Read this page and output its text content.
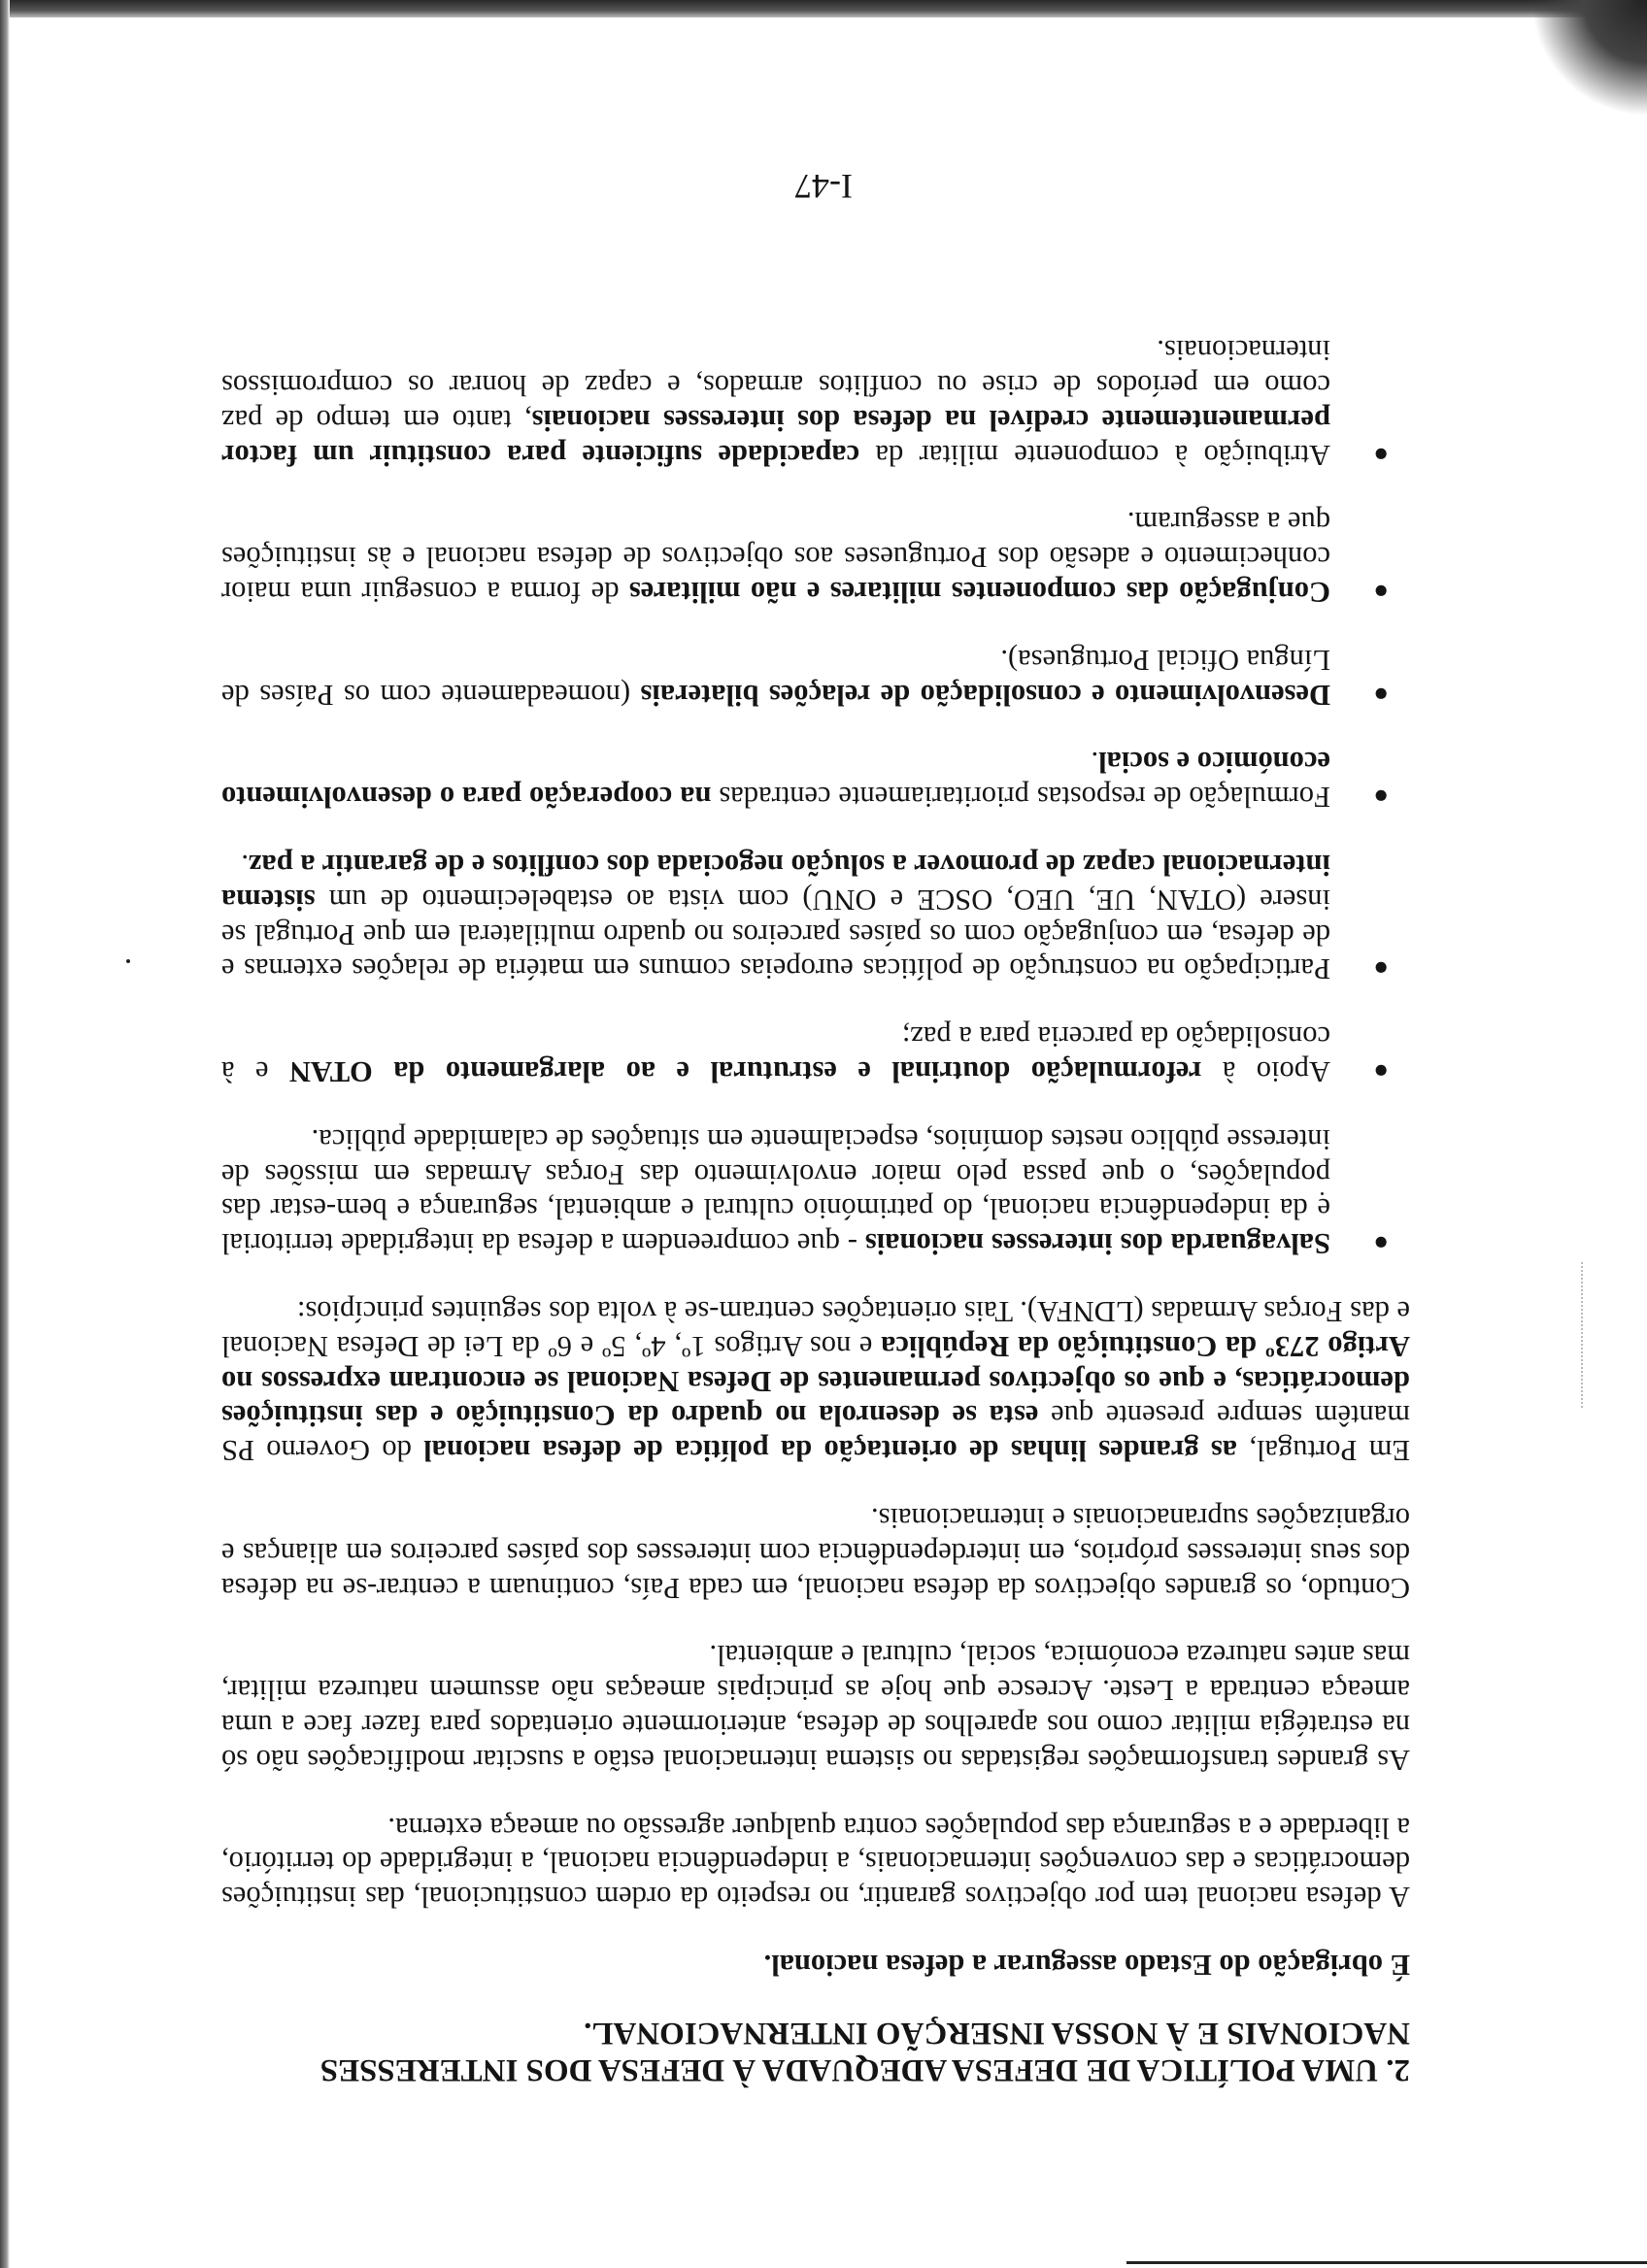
2. UMA POLÍTICA DE DEFESA ADEQUADA À DEFESA DOS INTERESSES
NACIONAIS E À NOSSA INSERÇÃO INTERNACIONAL.

É obrigação do Estado assegurar a defesa nacional.

A defesa nacional tem por objectivos garantir, no respeito da ordem constitucional, das instituições democráticas e das convenções internacionais, a independência nacional, a integridade do território, a liberdade e a segurança das populações contra qualquer agressão ou ameaça externa.

As grandes transformações registadas no sistema internacional estão a suscitar modificações não só na estratégia militar como nos aparelhos de defesa, anteriormente orientados para fazer face a uma ameaça centrada a Leste. Acresce que hoje as principais ameaças não assumem natureza militar, mas antes natureza económica, social, cultural e ambiental.

Contudo, os grandes objectivos da defesa nacional, em cada País, continuam a centrar-se na defesa dos seus interesses próprios, em interdependência com interesses dos países parceiros em alianças e organizações supranacionais e internacionais.

Em Portugal, as grandes linhas de orientação da política de defesa nacional do Governo PS mantêm sempre presente que esta se desenrola no quadro da Constituição e das instituições democráticas, e que os objectivos permanentes de Defesa Nacional se encontram expressos no Artigo 273º da Constituição da República e nos Artigos 1º, 4º, 5º e 6º da Lei de Defesa Nacional e das Forças Armadas (LDNFA). Tais orientações centram-se à volta dos seguintes princípios:

●
Salvaguarda dos interesses nacionais - que compreendem a defesa da integridade territorial e da independência nacional, do património cultural e ambiental, segurança e bem-estar das populações, o que passa pelo maior envolvimento das Forças Armadas em missões de interesse público nestes domínios, especialmente em situações de calamidade pública.
●
Apoio à reformulação doutrinal e estrutural e ao alargamento da OTAN e à consolidação da parceria para a paz;
●
Participação na construção de políticas europeias comuns em matéria de relações externas e de defesa, em conjugação com os países parceiros no quadro multilateral em que Portugal se insere (OTAN, UE, UEO, OSCE e ONU) com vista ao estabelecimento de um sistema internacional capaz de promover a solução negociada dos conflitos e de garantir a paz.
●
Formulação de respostas prioritariamente centradas na cooperação para o desenvolvimento económico e social.
●
Desenvolvimento e consolidação de relações bilaterais (nomeadamente com os Países de Língua Oficial Portuguesa).
●
Conjugação das componentes militares e não militares de forma a conseguir uma maior conhecimento e adesão dos Portugueses aos objectivos de defesa nacional e às instituições que a asseguram.
●
Atribuição à componente militar da capacidade suficiente para constituir um factor permanentemente credível na defesa dos interesses nacionais, tanto em tempo de paz como em períodos de crise ou conflitos armados, e capaz de honrar os compromissos internacionais.
I-47
